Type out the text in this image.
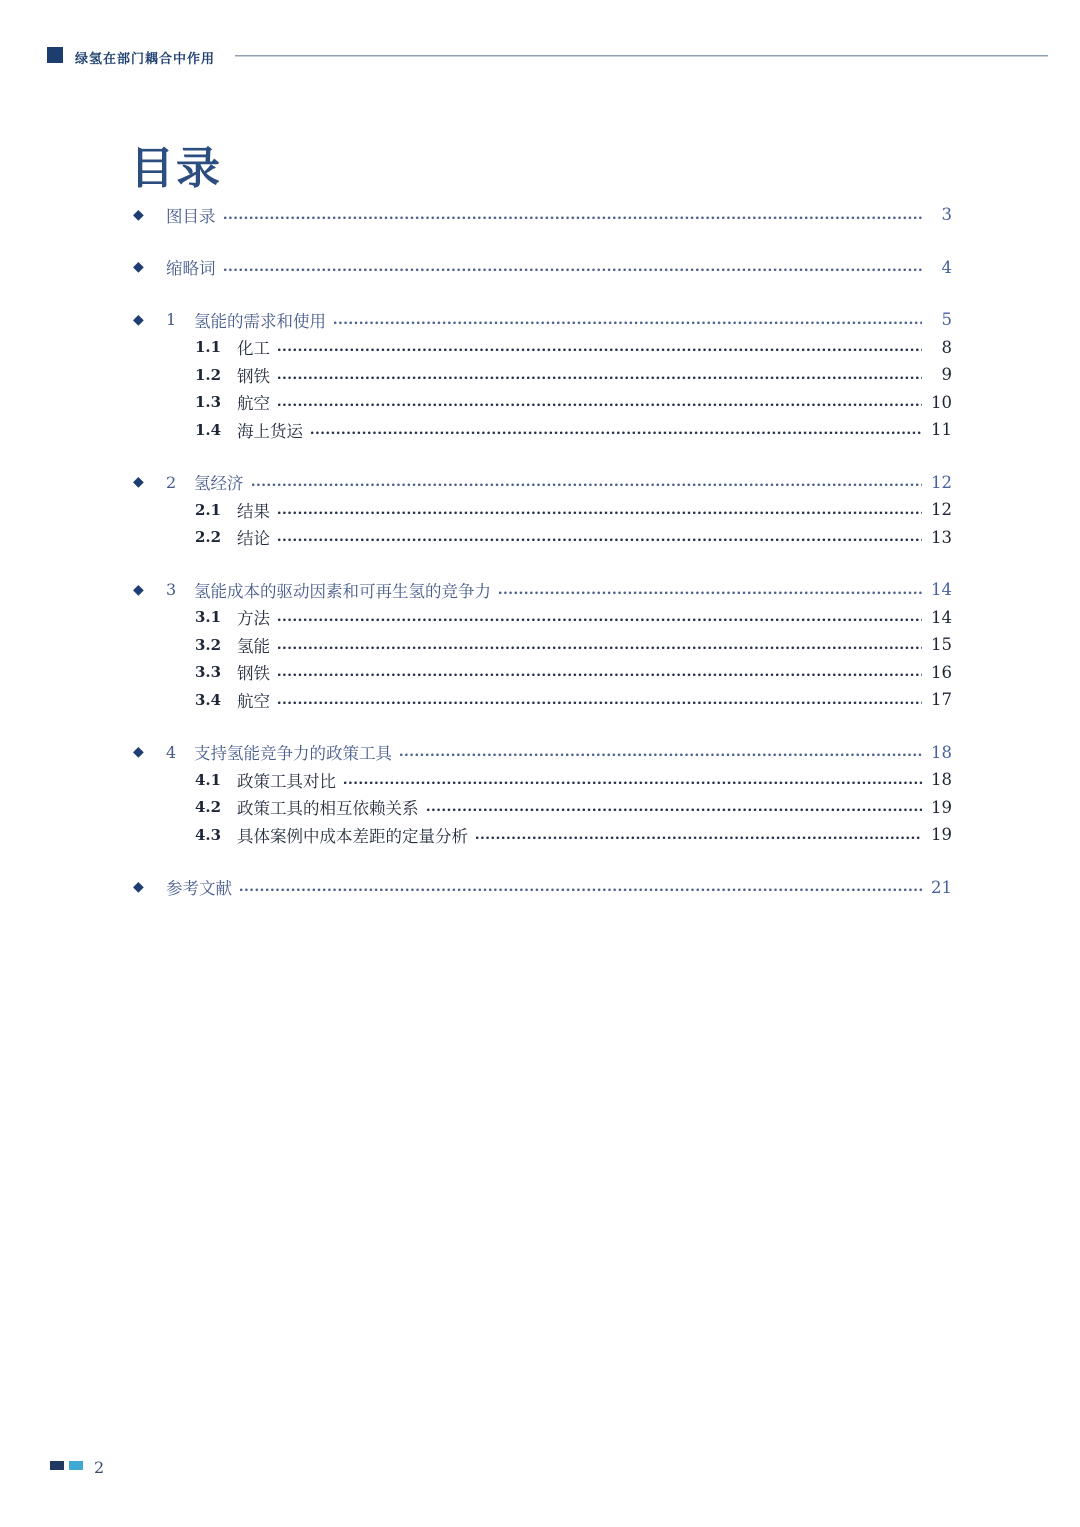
绿氢在部门耦合中作用
目录
◆	图目录	3
◆	缩略词	4
◆	1	氢能的需求和使用	5
1.1 化工	8
1.2 钢铁	9
1.3 航空	10
1.4 海上货运	11
◆	2	氢经济	12
2.1 结果	12
2.2 结论	13
◆	3	氢能成本的驱动因素和可再生氢的竞争力	14
3.1 方法	14
3.2 氢能	15
3.3 钢铁	16
3.4 航空	17
◆	4	支持氢能竞争力的政策工具	18
4.1 政策工具对比	18
4.2 政策工具的相互依赖关系	19
4.3 具体案例中成本差距的定量分析	19
◆	参考文献	21
2
